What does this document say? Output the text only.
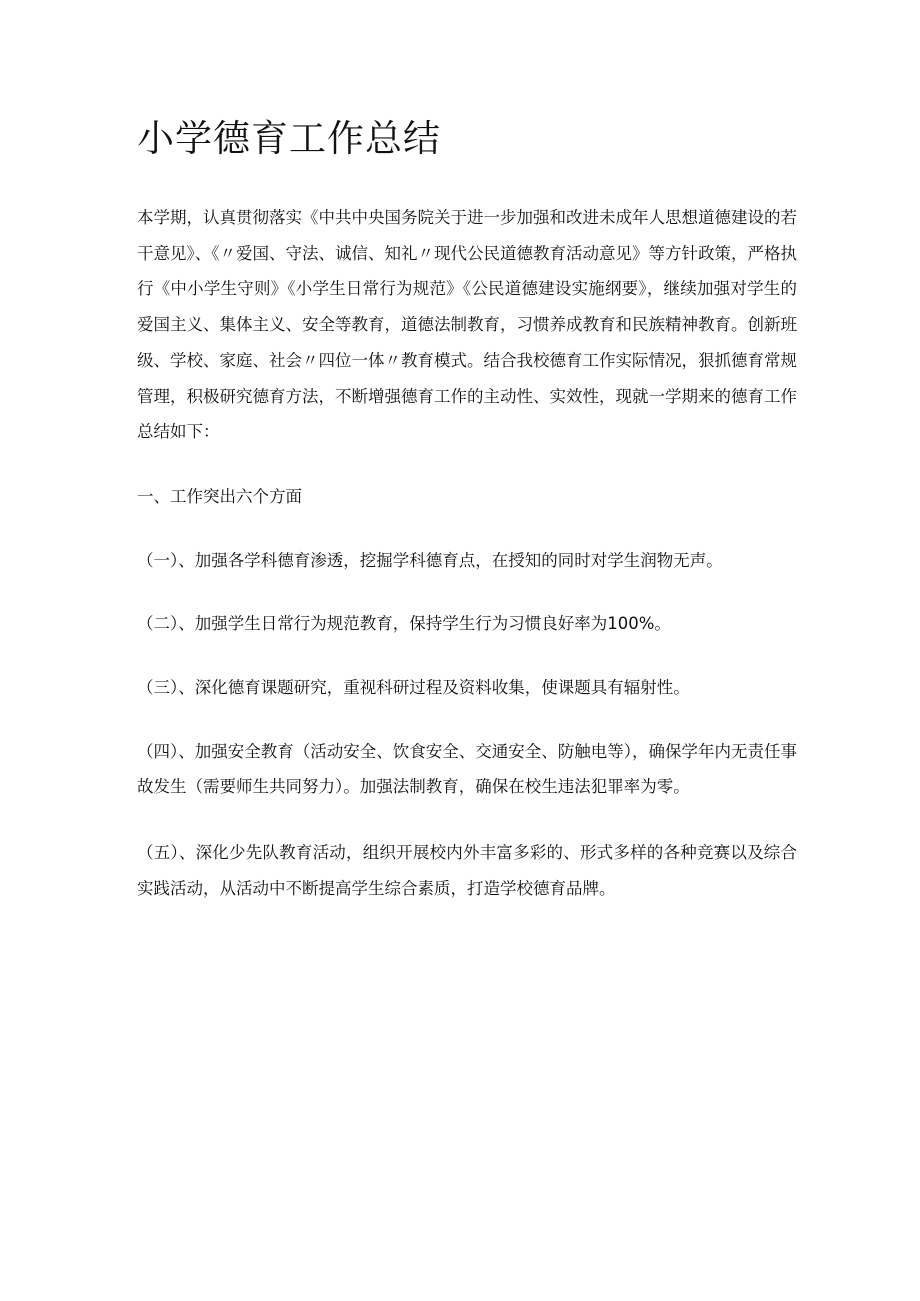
小学德育工作总结

本学期，认真贯彻落实《中共中央国务院关于进一步加强和改进未成年人思想道德建设的若干意见》、《〃爱国、守法、诚信、知礼〃现代公民道德教育活动意见》等方针政策，严格执行《中小学生守则》《小学生日常行为规范》《公民道德建设实施纲要》，继续加强对学生的爱国主义、集体主义、安全等教育，道德法制教育，习惯养成教育和民族精神教育。创新班级、学校、家庭、社会〃四位一体〃教育模式。结合我校德育工作实际情况，狠抓德育常规管理，积极研究德育方法，不断增强德育工作的主动性、实效性，现就一学期来的德育工作总结如下：

一、工作突出六个方面

（一）、加强各学科德育渗透，挖掘学科德育点，在授知的同时对学生润物无声。

（二）、加强学生日常行为规范教育，保持学生行为习惯良好率为100%。

（三）、深化德育课题研究，重视科研过程及资料收集，使课题具有辐射性。

（四）、加强安全教育（活动安全、饮食安全、交通安全、防触电等），确保学年内无责任事故发生（需要师生共同努力）。加强法制教育，确保在校生违法犯罪率为零。

（五）、深化少先队教育活动，组织开展校内外丰富多彩的、形式多样的各种竞赛以及综合实践活动，从活动中不断提高学生综合素质，打造学校德育品牌。
